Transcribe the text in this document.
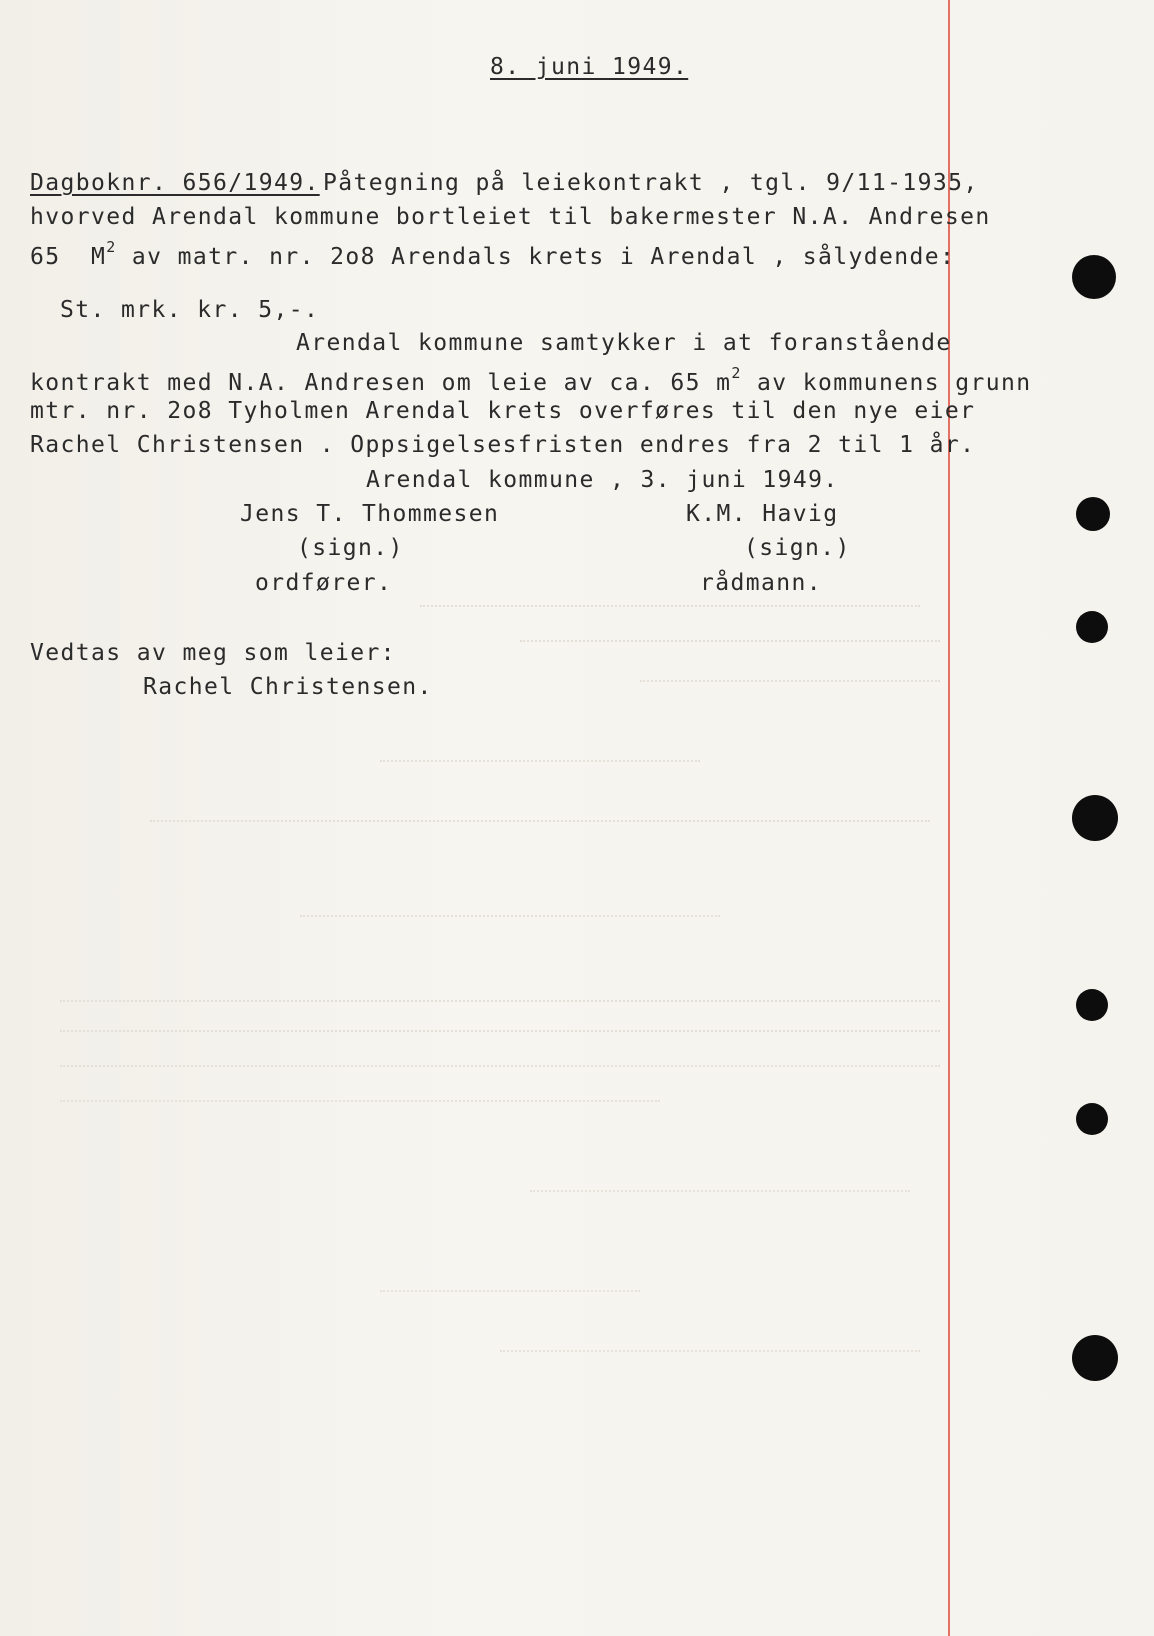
8. juni 1949.
Dagboknr. 656/1949. Påtegning på leiekontrakt , tgl. 9/11-1935,
hvorved Arendal kommune bortleiet til bakermester N.A. Andresen
65  $M^2$ av matr. nr. 2o8 Arendals krets i Arendal , sålydende:
St. mrk. kr. 5,-.
Arendal kommune samtykker i at foranstående
kontrakt med N.A. Andresen om leie av ca. 65 $m^2$ av kommunens grunn
mtr. nr. 2o8 Tyholmen Arendal krets overføres til den nye eier
Rachel Christensen . Oppsigelsesfristen endres fra 2 til 1 år.
Arendal kommune , 3. juni 1949.
Jens T. Thommesen	K.M. Havig
(sign.)	(sign.)
ordfører.	rådmann.
Vedtas av meg som leier:
Rachel Christensen.
